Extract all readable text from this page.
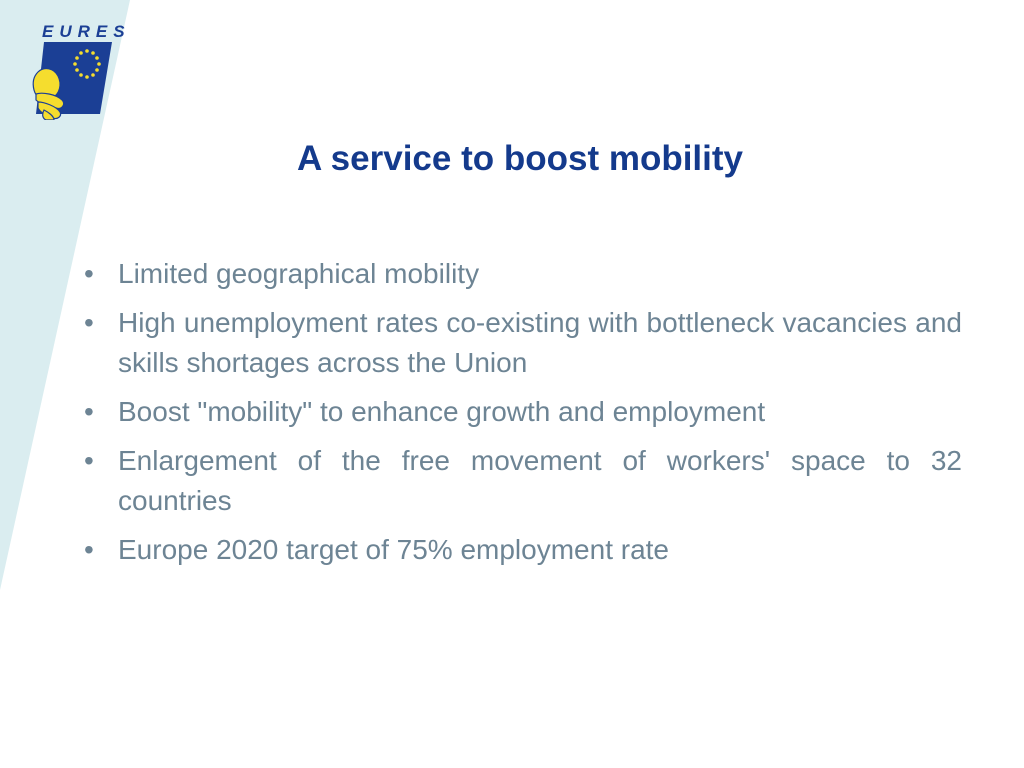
EURES
A service to boost mobility
• Limited geographical mobility
• High unemployment rates co-existing with bottleneck vacancies and skills shortages across the Union
• Boost "mobility" to enhance growth and employment
• Enlargement of the free movement of workers' space to 32 countries
• Europe 2020 target of 75% employment rate
